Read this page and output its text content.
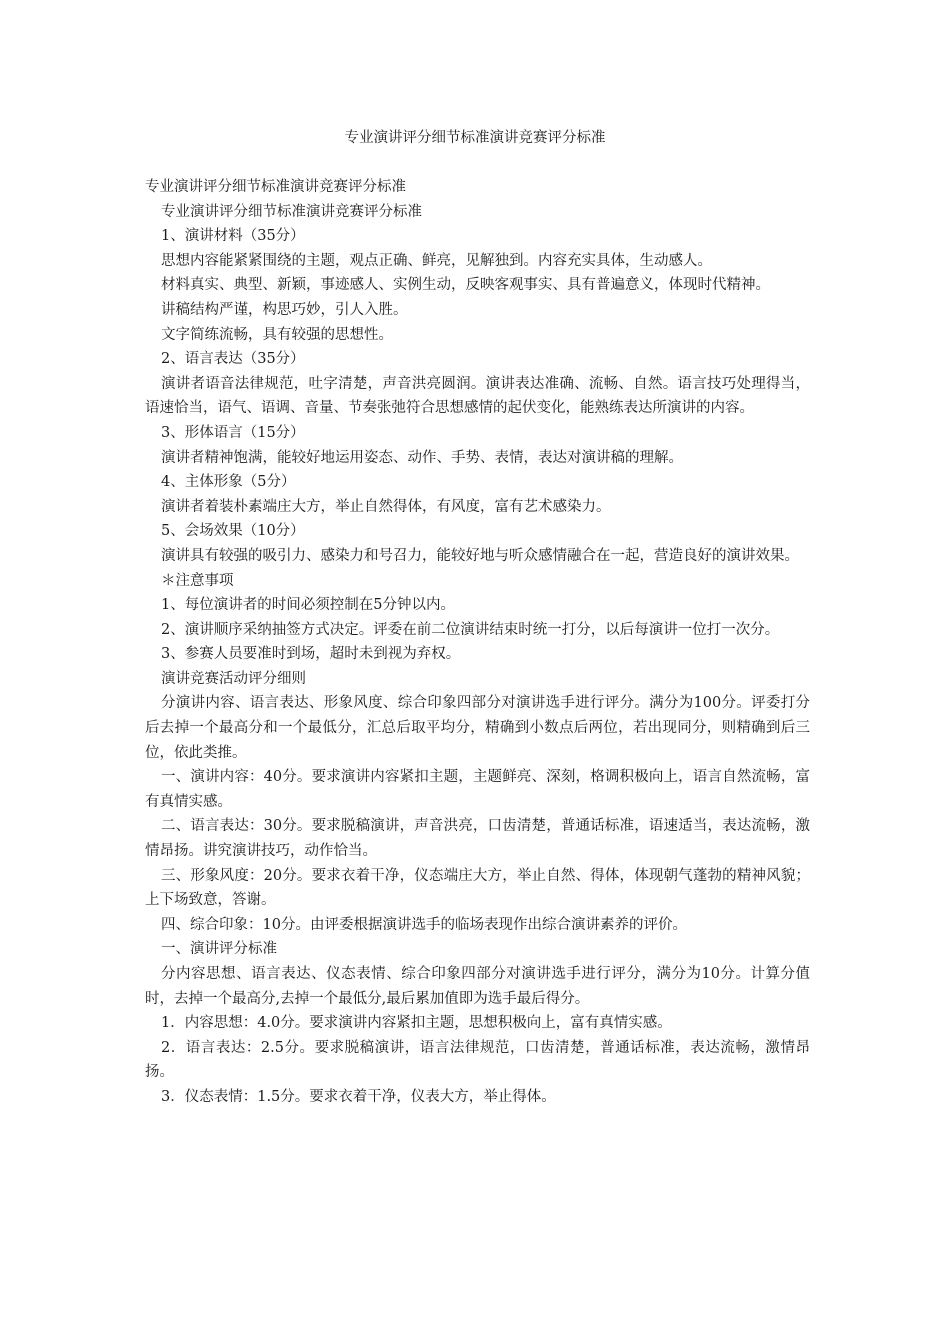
专业演讲评分细节标准演讲竞赛评分标准

专业演讲评分细节标准演讲竞赛评分标准

专业演讲评分细节标准演讲竞赛评分标准

1、演讲材料（35分）

思想内容能紧紧围绕的主题，观点正确、鲜亮，见解独到。内容充实具体，生动感人。

材料真实、典型、新颖，事迹感人、实例生动，反映客观事实、具有普遍意义，体现时代精神。

讲稿结构严谨，构思巧妙，引人入胜。

文字简练流畅，具有较强的思想性。

2、语言表达（35分）

演讲者语音法律规范，吐字清楚，声音洪亮圆润。演讲表达准确、流畅、自然。语言技巧处理得当，语速恰当，语气、语调、音量、节奏张弛符合思想感情的起伏变化，能熟练表达所演讲的内容。

3、形体语言（15分）

演讲者精神饱满，能较好地运用姿态、动作、手势、表情，表达对演讲稿的理解。

4、主体形象（5分）

演讲者着装朴素端庄大方，举止自然得体，有风度，富有艺术感染力。

5、会场效果（10分）

演讲具有较强的吸引力、感染力和号召力，能较好地与听众感情融合在一起，营造良好的演讲效果。

＊注意事项

1、每位演讲者的时间必须控制在5分钟以内。

2、演讲顺序采纳抽签方式决定。评委在前二位演讲结束时统一打分，以后每演讲一位打一次分。

3、参赛人员要准时到场，超时未到视为弃权。

演讲竞赛活动评分细则

分演讲内容、语言表达、形象风度、综合印象四部分对演讲选手进行评分。满分为100分。评委打分后去掉一个最高分和一个最低分，汇总后取平均分，精确到小数点后两位，若出现同分，则精确到后三位，依此类推。

一、演讲内容：40分。要求演讲内容紧扣主题，主题鲜亮、深刻，格调积极向上，语言自然流畅，富有真情实感。

二、语言表达：30分。要求脱稿演讲，声音洪亮，口齿清楚，普通话标准，语速适当，表达流畅，激情昂扬。讲究演讲技巧，动作恰当。

三、形象风度：20分。要求衣着干净，仪态端庄大方，举止自然、得体，体现朝气蓬勃的精神风貌；上下场致意，答谢。

四、综合印象：10分。由评委根据演讲选手的临场表现作出综合演讲素养的评价。

一、演讲评分标准

分内容思想、语言表达、仪态表情、综合印象四部分对演讲选手进行评分，满分为10分。计算分值时，去掉一个最高分,去掉一个最低分,最后累加值即为选手最后得分。

1．内容思想：4.0分。要求演讲内容紧扣主题，思想积极向上，富有真情实感。

2．语言表达：2.5分。要求脱稿演讲，语言法律规范，口齿清楚，普通话标准，表达流畅，激情昂扬。

3．仪态表情：1.5分。要求衣着干净，仪表大方，举止得体。
